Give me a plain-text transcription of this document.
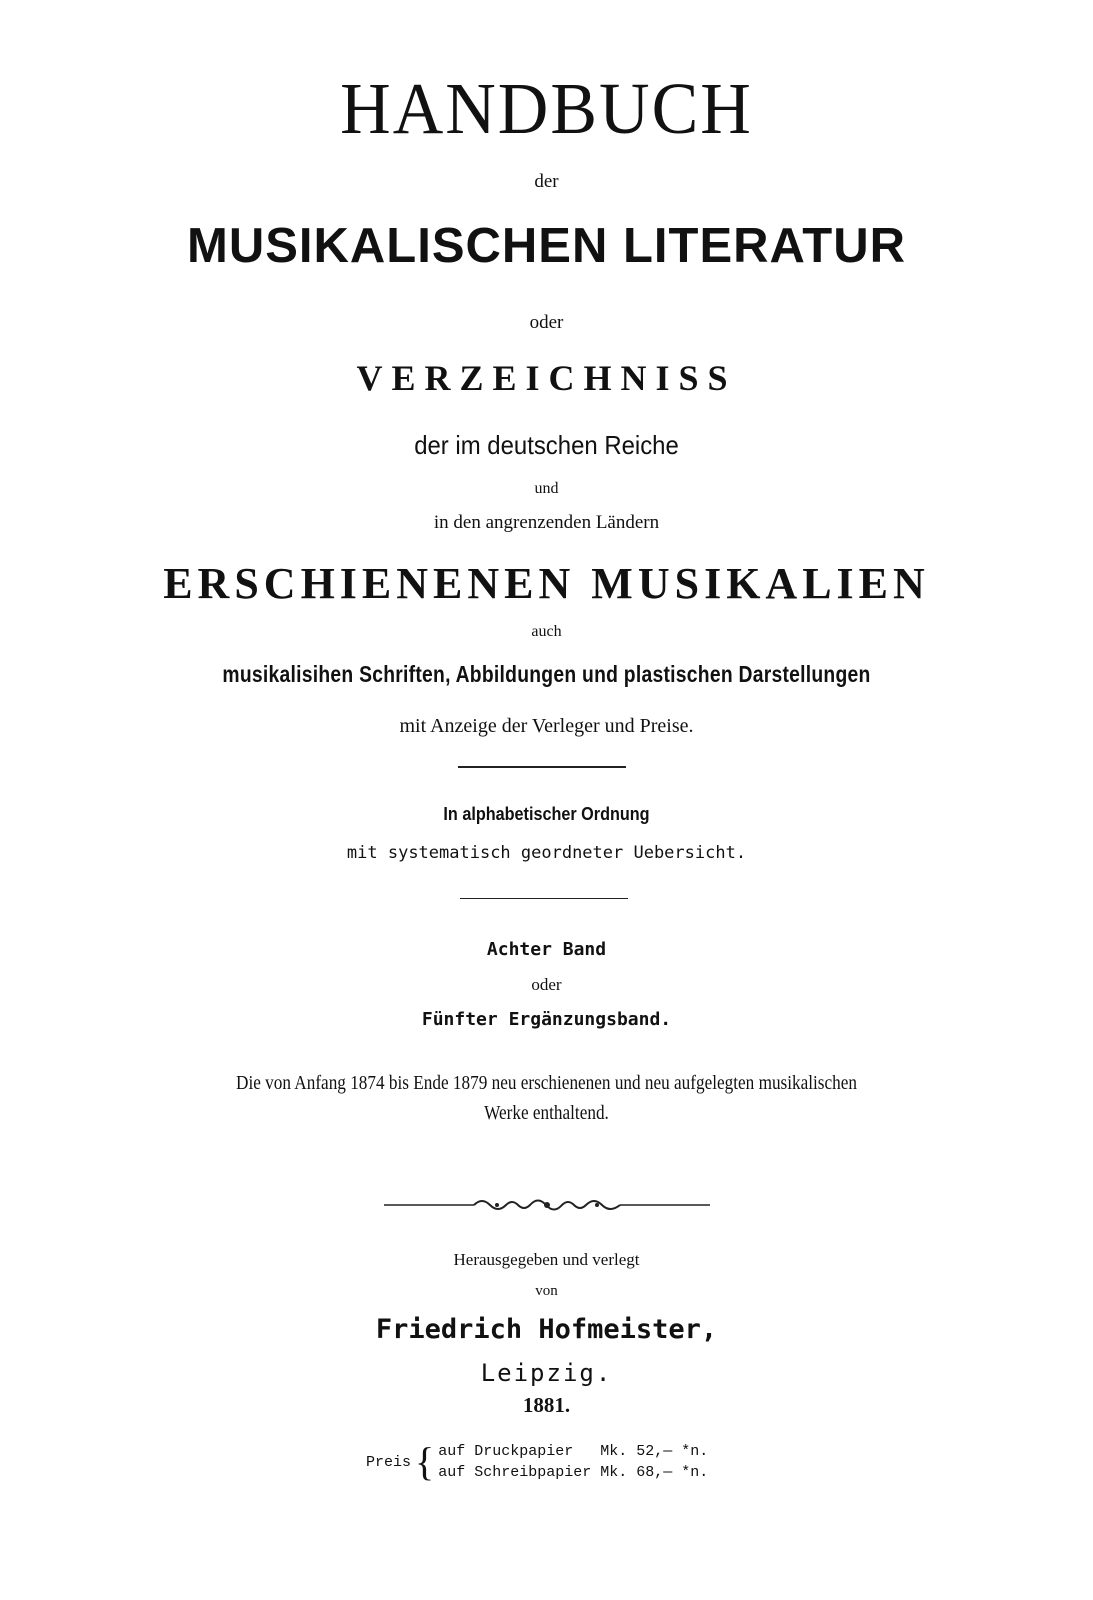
HANDBUCH
der
MUSIKALISCHEN LITERATUR
oder
VERZEICHNISS
der im deutschen Reiche
und
in den angrenzenden Ländern
ERSCHIENENEN MUSIKALIEN
auch
musikalisihen Schriften, Abbildungen und plastischen Darstellungen
mit Anzeige der Verleger und Preise.
In alphabetischer Ordnung
mit systematisch geordneter Uebersicht.
Achter Band
oder
Fünfter Ergänzungsband.
Die von Anfang 1874 bis Ende 1879 neu erschienenen und neu aufgelegten musikalischen
Werke enthaltend.
Herausgegeben und verlegt
von
Friedrich Hofmeister,
Leipzig.
1881.
Preis { auf Druckpapier   Mk. 52,— *n.
auf Schreibpapier Mk. 68,— *n.
